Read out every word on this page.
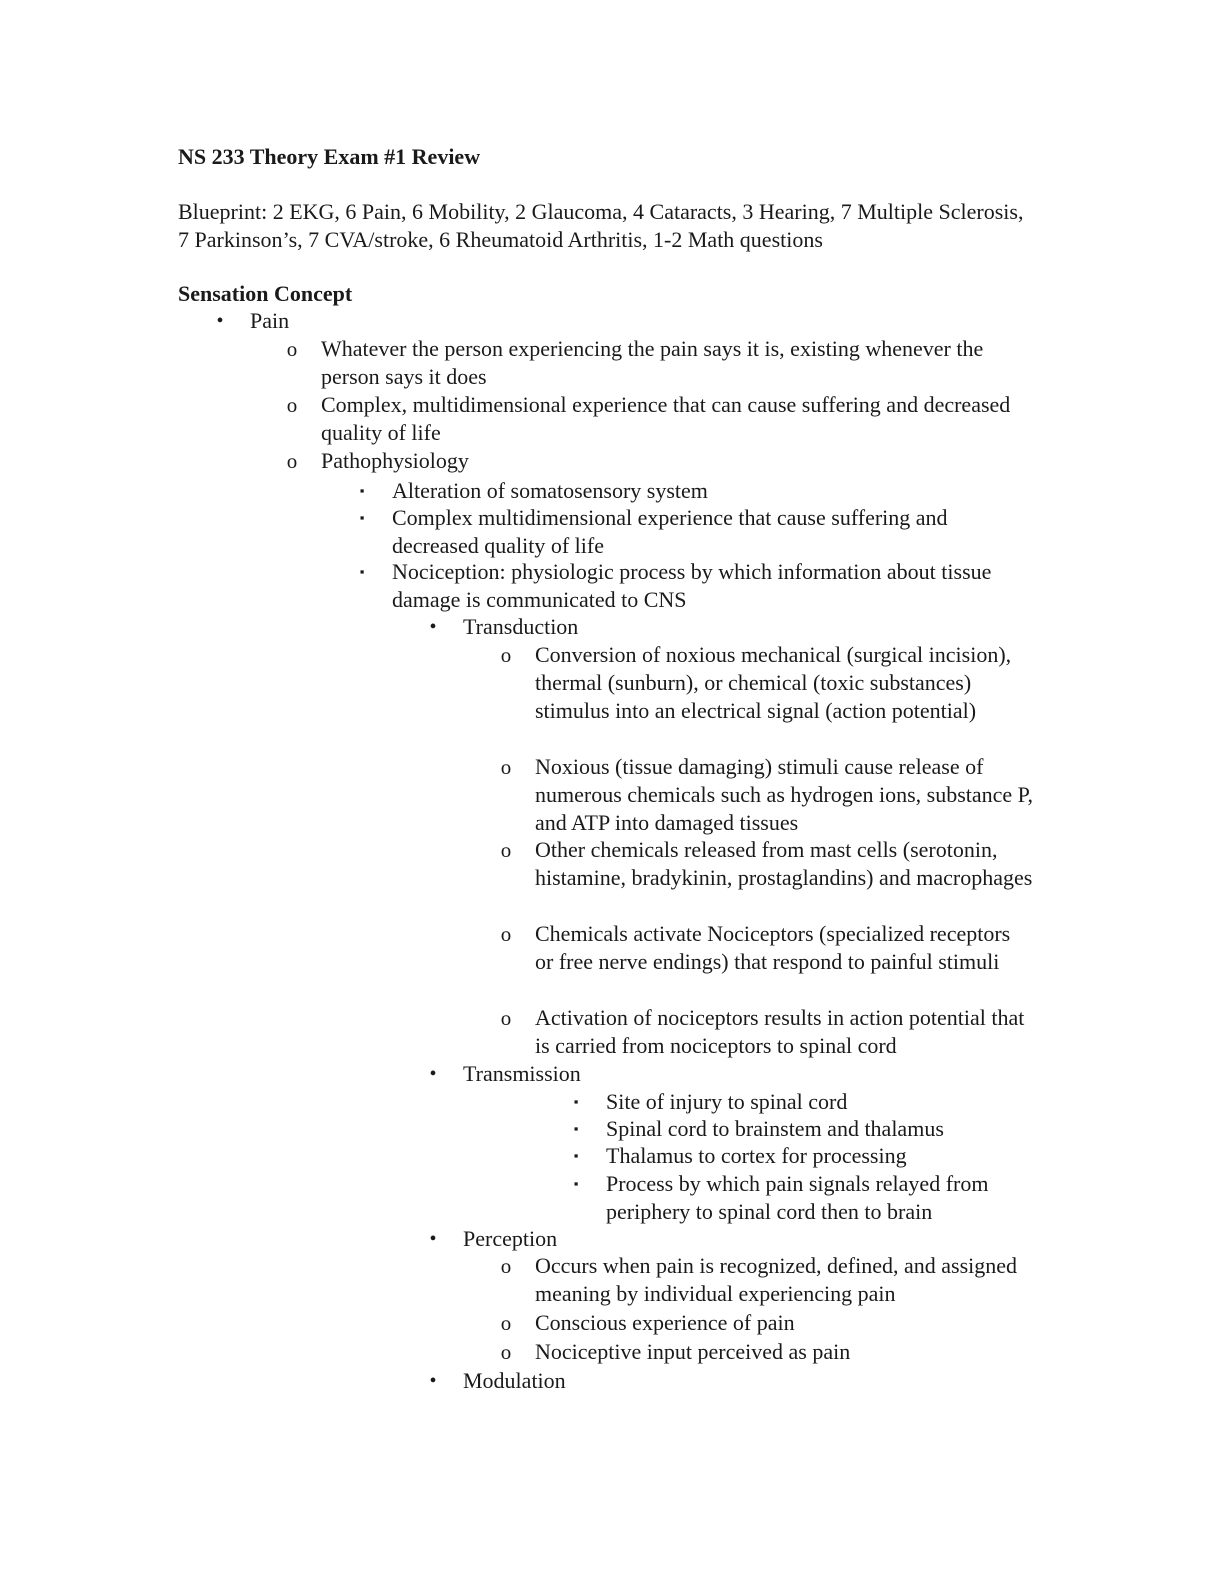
NS 233 Theory Exam #1 Review

Blueprint: 2 EKG, 6 Pain, 6 Mobility, 2 Glaucoma, 4 Cataracts, 3 Hearing, 7 Multiple Sclerosis, 7 Parkinson’s, 7 CVA/stroke, 6 Rheumatoid Arthritis, 1-2 Math questions

Sensation Concept

•	Pain

o	Whatever the person experiencing the pain says it is, existing whenever the person says it does

o	Complex, multidimensional experience that can cause suffering and decreased quality of life

o	Pathophysiology

▪	Alteration of somatosensory system

▪	Complex multidimensional experience that cause suffering and decreased quality of life

▪	Nociception: physiologic process by which information about tissue damage is communicated to CNS

•	Transduction

o	Conversion of noxious mechanical (surgical incision), thermal (sunburn), or chemical (toxic substances) stimulus into an electrical signal (action potential)

o	Noxious (tissue damaging) stimuli cause release of numerous chemicals such as hydrogen ions, substance P, and ATP into damaged tissues

o	Other chemicals released from mast cells (serotonin, histamine, bradykinin, prostaglandins) and macrophages

o	Chemicals activate Nociceptors (specialized receptors or free nerve endings) that respond to painful stimuli

o	Activation of nociceptors results in action potential that is carried from nociceptors to spinal cord

•	Transmission

▪	Site of injury to spinal cord

▪	Spinal cord to brainstem and thalamus

▪	Thalamus to cortex for processing

▪	Process by which pain signals relayed from periphery to spinal cord then to brain

•	Perception

o	Occurs when pain is recognized, defined, and assigned meaning by individual experiencing pain

o	Conscious experience of pain

o	Nociceptive input perceived as pain

•	Modulation
